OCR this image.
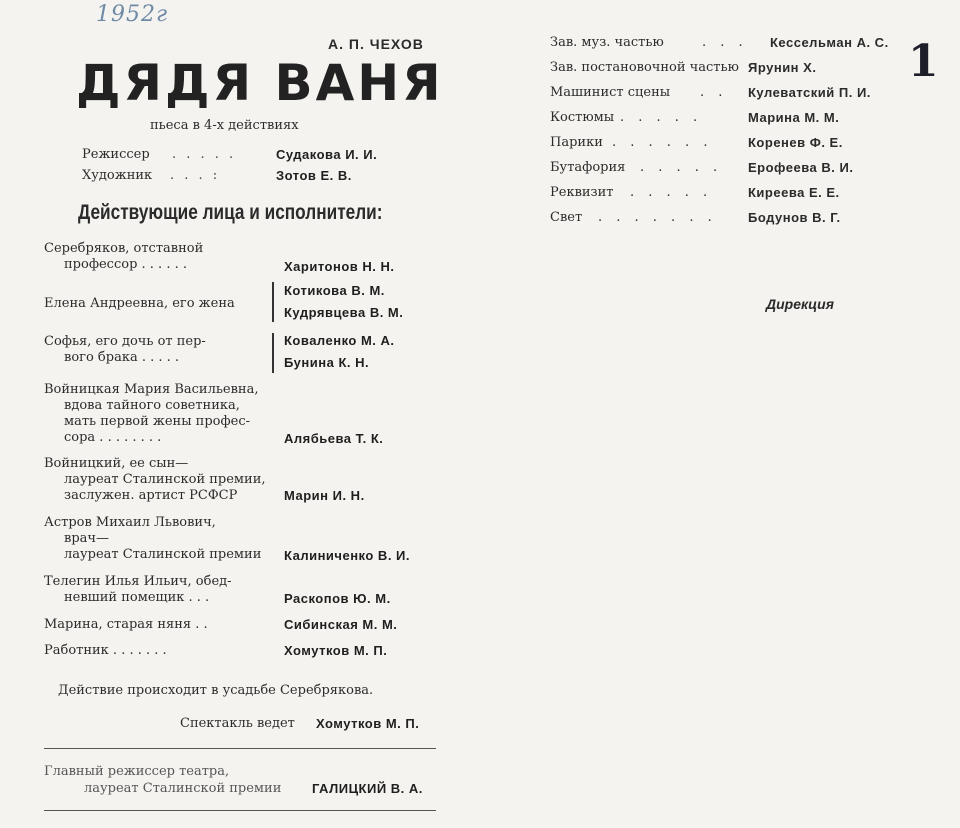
1952г
1
А. П. ЧЕХОВ
ДЯДЯ ВАНЯ
пьеса в 4-х действиях
Режиссер . . . . .	Судакова И. И.
Художник . . . :	Зотов Е. В.
Действующие лица и исполнители:
Серебряков, отставной
профессор . . . . . .	Харитонов Н. Н.
Елена Андреевна, его жена
Котикова В. М.
Кудрявцева В. М.
Софья, его дочь от пер-
вого брака . . . . .
Коваленко М. А.
Бунина К. Н.
Войницкая Мария Васильевна,
вдова тайного советника,
мать первой жены профес-
сора . . . . . . . .	Алябьева Т. К.
Войницкий, ее сын—
лауреат Сталинской премии,
заслужен. артист РСФСР	Марин И. Н.
Астров Михаил Львович,
врач—
лауреат Сталинской премии Калиниченко В. И.
Телегин Илья Ильич, обед-
невший помещик . . .	Раскопов Ю. М.
Марина, старая няня . .	Сибинская М. М.
Работник . . . . . . .	Хомутков М. П.
Действие происходит в усадьбе Серебрякова.
Спектакль ведет Хомутков М. П.
Главный режиссер театра,
лауреат Сталинской премии ГАЛИЦКИЙ В. А.
Зав. муз. частью	. . . Кессельман А. С.
Зав. постановочной частью Ярунин Х.
Машинист сцены . . Кулеватский П. И.
Костюмы . . . . .	Марина М. М.
Парики . . . . . .	Коренев Ф. Е.
Бутафория . . . . . Ерофеева В. И.
Реквизит . . . . .	Киреева Е. Е.
Свет . . . . . . . Бодунов В. Г.
Дирекция
